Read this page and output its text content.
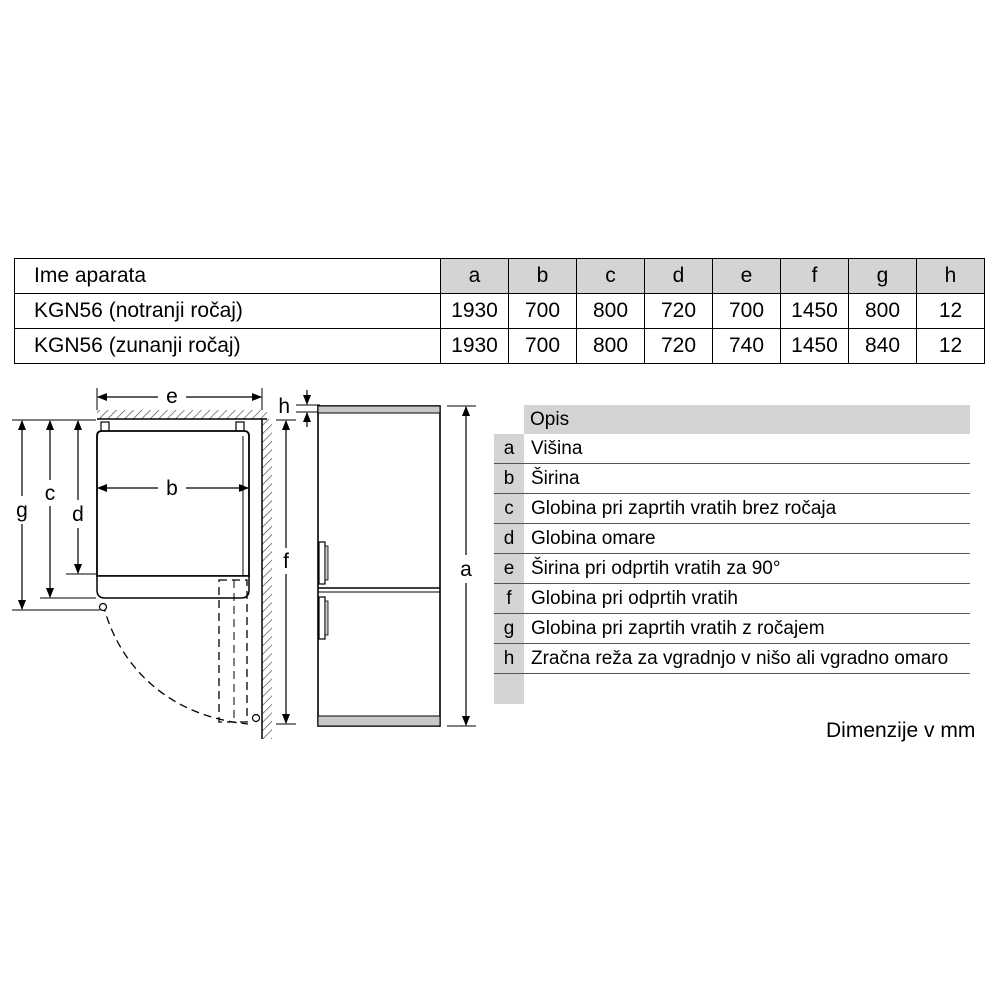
Ime aparata	a	b	c	d	e	f	g	h
KGN56 (notranji ročaj)	1930	700	800	720	700	1450	800	12
KGN56 (zunanji ročaj)	1930	700	800	720	740	1450	840	12
e
b
g
c
d
f
h
a
Opis
a Višina
b Širina
c Globina pri zaprtih vratih brez ročaja
d Globina omare
e Širina pri odprtih vratih za 90°
f	Globina pri odprtih vratih
g Globina pri zaprtih vratih z ročajem
h Zračna reža za vgradnjo v nišo ali vgradno omaro
Dimenzije v mm
